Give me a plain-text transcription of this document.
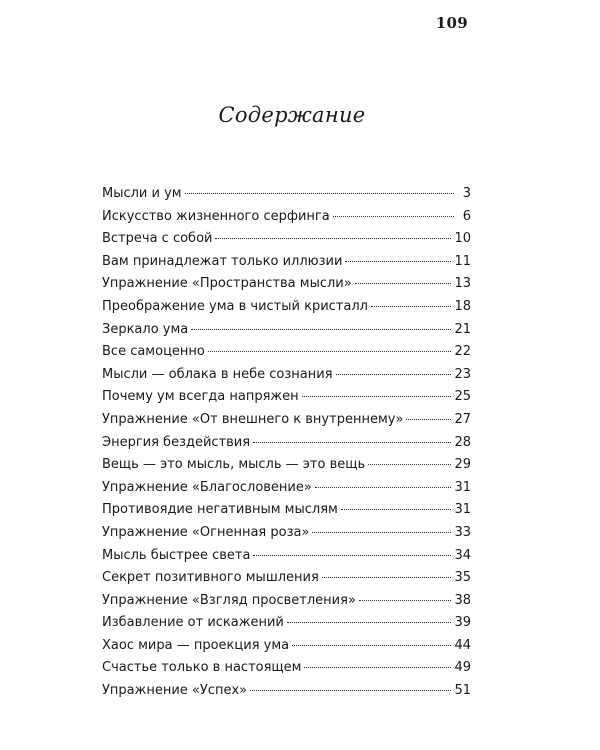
109
Содержание
Мысли и ум	3
Искусство жизненного серфинга	6
Встреча с собой	10
Вам принадлежат только иллюзии	11
Упражнение «Пространства мысли»	13
Преображение ума в чистый кристалл	18
Зеркало ума	21
Все самоценно	22
Мысли — облака в небе сознания	23
Почему ум всегда напряжен	25
Упражнение «От внешнего к внутреннему»	27
Энергия бездействия	28
Вещь — это мысль, мысль — это вещь	29
Упражнение «Благословение»	31
Противоядие негативным мыслям	31
Упражнение «Огненная роза»	33
Мысль быстрее света	34
Секрет позитивного мышления	35
Упражнение «Взгляд просветления»	38
Избавление от искажений	39
Хаос мира — проекция ума	44
Счастье только в настоящем	49
Упражнение «Успех»	51
